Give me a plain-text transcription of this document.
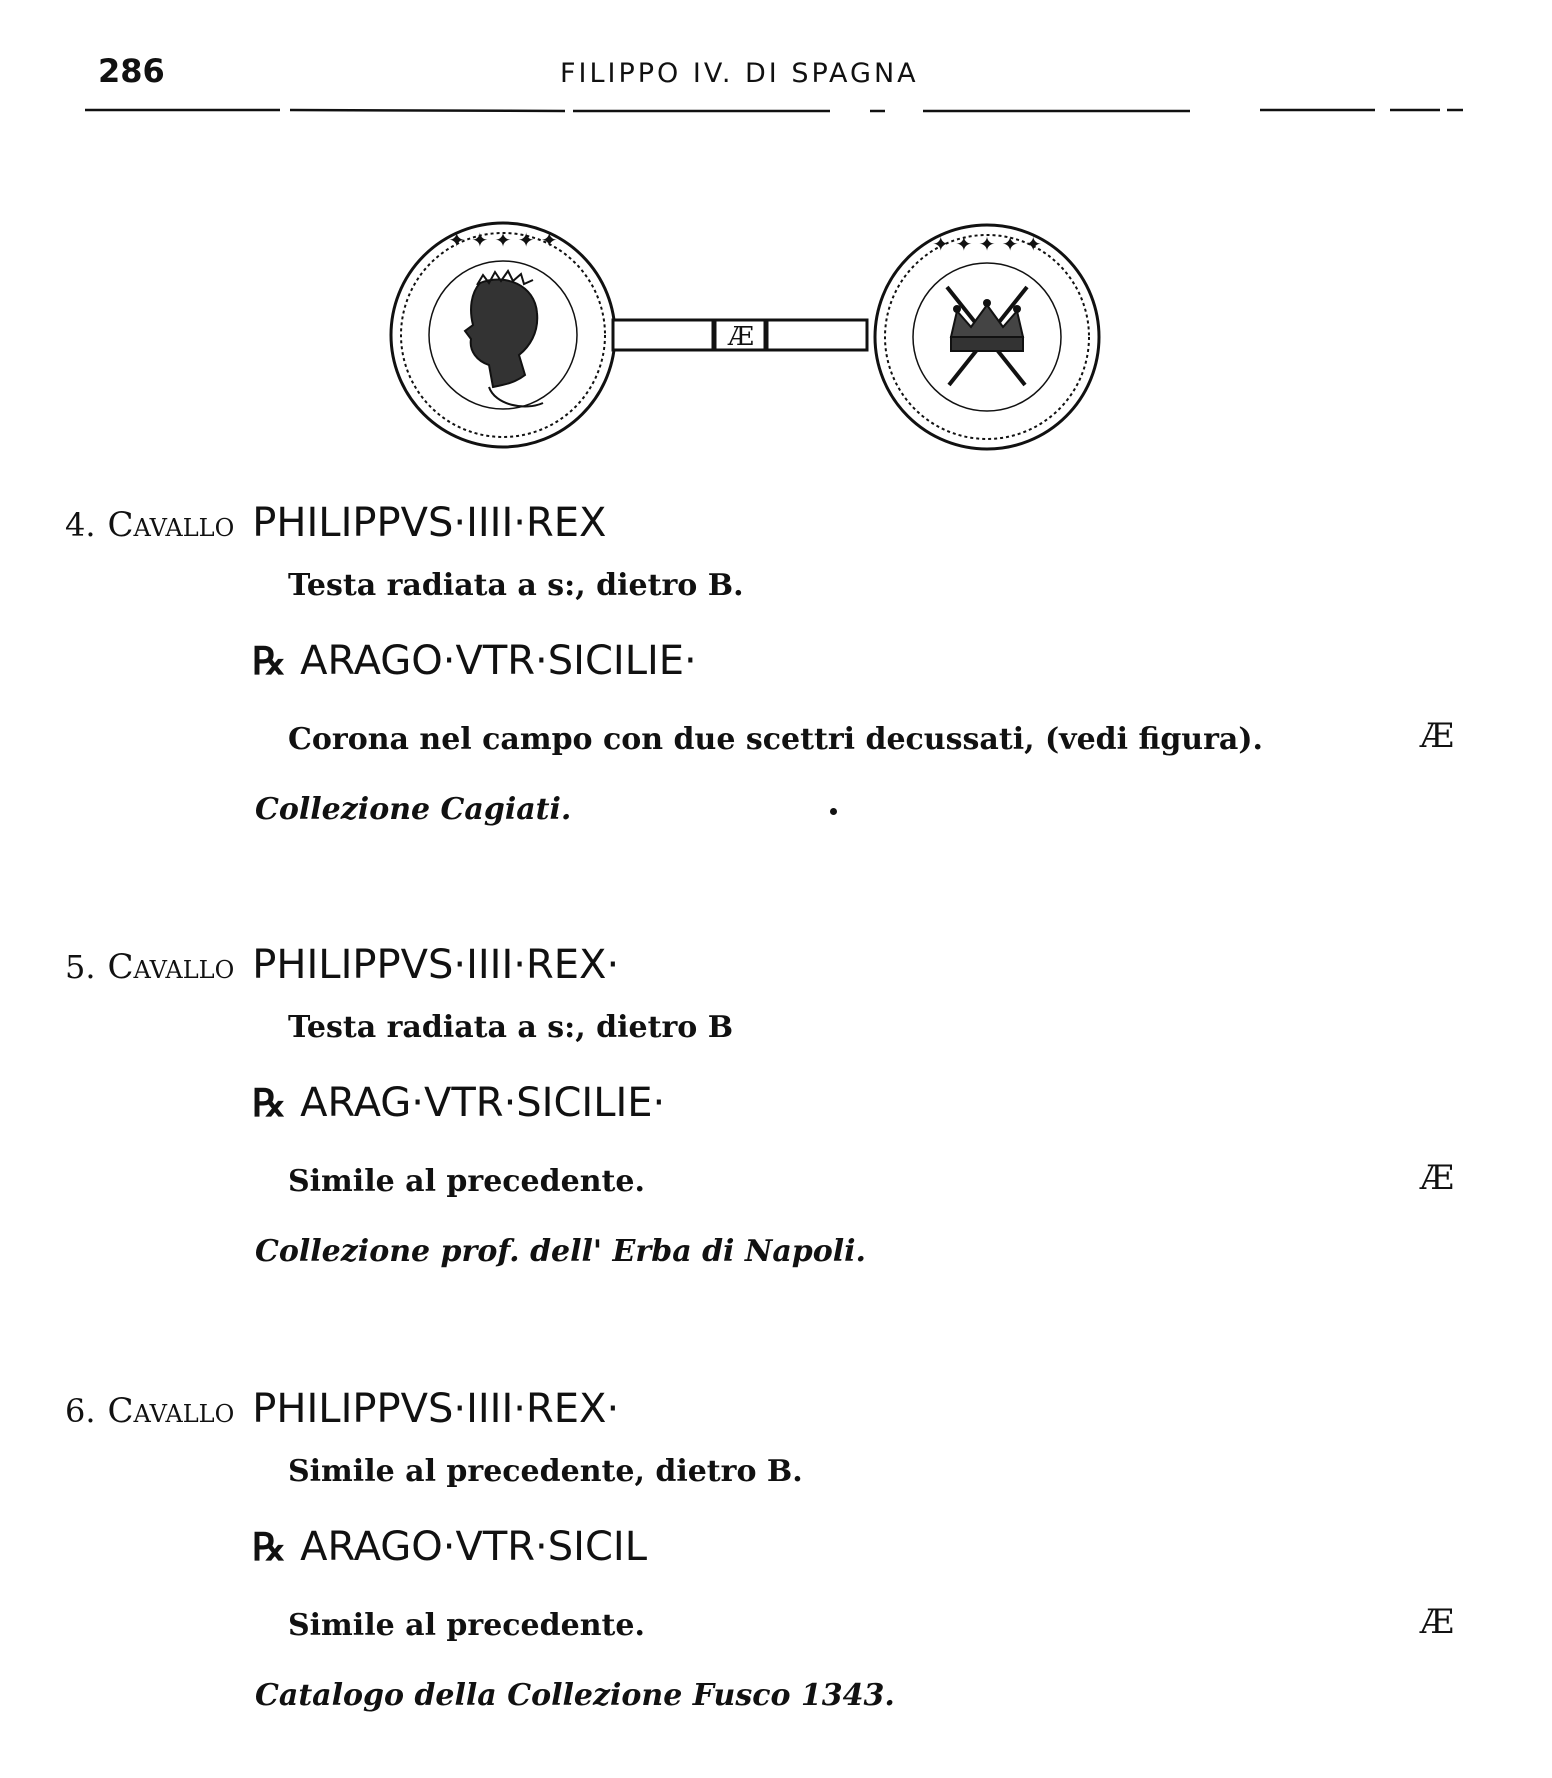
286	FILIPPO IV. DI SPAGNA
✦ ✦ ✦ ✦ ✦
Æ
✦ ✦ ✦ ✦ ✦
4. Cavallo PHILIPPVS·IIII·REX
Testa radiata a s:, dietro B.
℞ ARAGO·VTR·SICILIE·
Corona nel campo con due scettri decussati, (vedi figura).	Æ
Collezione Cagiati.
5. Cavallo PHILIPPVS·IIII·REX·
Testa radiata a s:, dietro B
℞ ARAG·VTR·SICILIE·
Simile al precedente.	Æ
Collezione prof. dell' Erba di Napoli.
6. Cavallo PHILIPPVS·IIII·REX·
Simile al precedente, dietro B.
℞ ARAGO·VTR·SICIL
Simile al precedente.	Æ
Catalogo della Collezione Fusco 1343.
